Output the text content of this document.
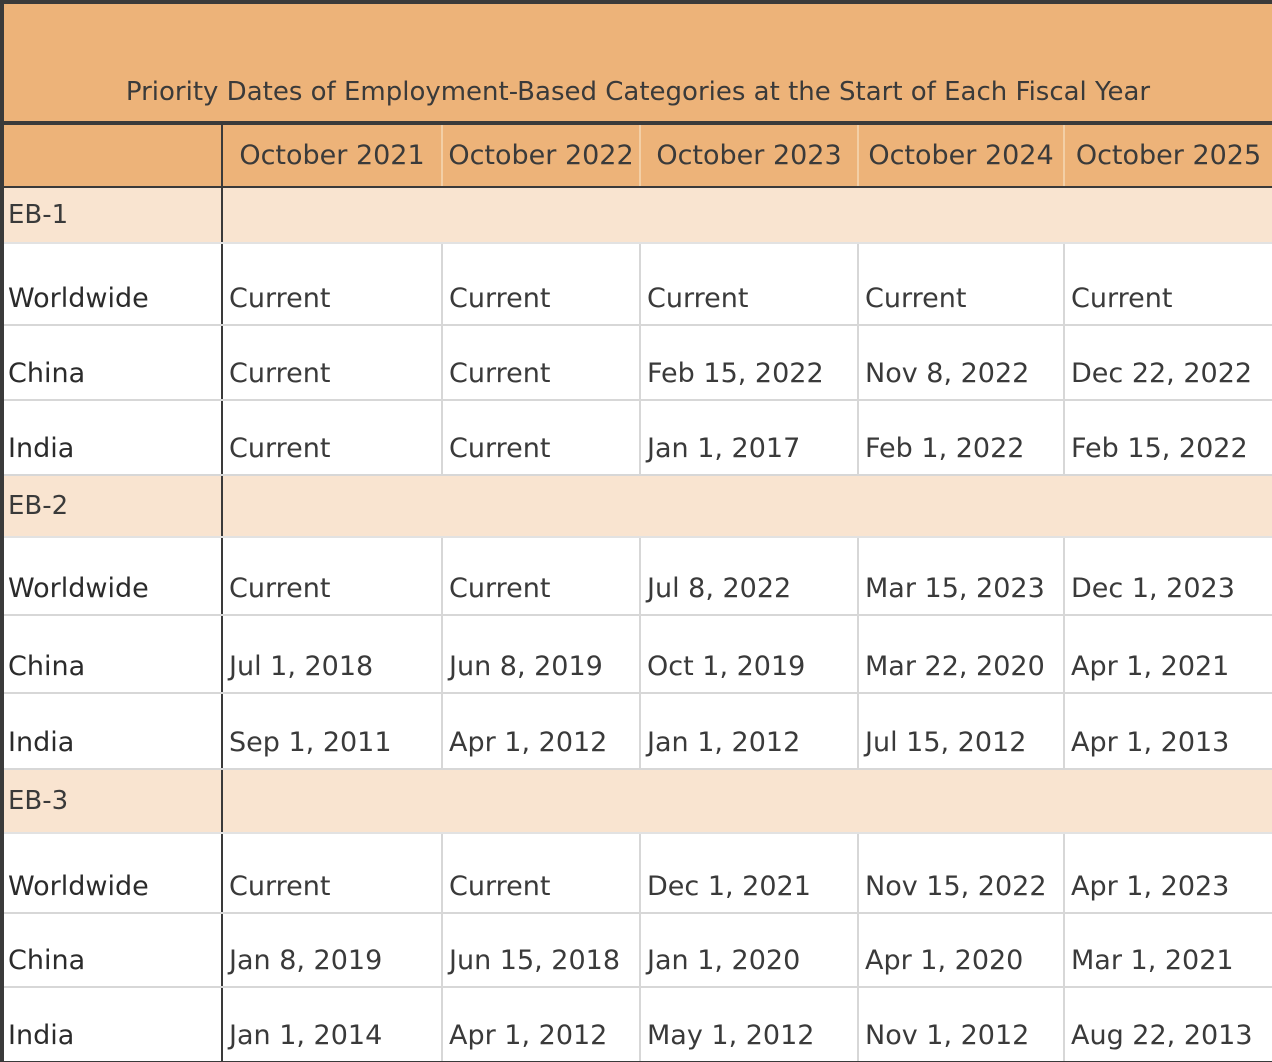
Priority Dates of Employment-Based Categories at the Start of Each Fiscal Year
	October 2021	October 2022	October 2023	October 2024	October 2025
EB-1					
Worldwide	Current	Current	Current	Current	Current
China	Current	Current	Feb 15, 2022	Nov 8, 2022	Dec 22, 2022
India	Current	Current	Jan 1, 2017	Feb 1, 2022	Feb 15, 2022
EB-2					
Worldwide	Current	Current	Jul 8, 2022	Mar 15, 2023	Dec 1, 2023
China	Jul 1, 2018	Jun 8, 2019	Oct 1, 2019	Mar 22, 2020	Apr 1, 2021
India	Sep 1, 2011	Apr 1, 2012	Jan 1, 2012	Jul 15, 2012	Apr 1, 2013
EB-3					
Worldwide	Current	Current	Dec 1, 2021	Nov 15, 2022	Apr 1, 2023
China	Jan 8, 2019	Jun 15, 2018	Jan 1, 2020	Apr 1, 2020	Mar 1, 2021
India	Jan 1, 2014	Apr 1, 2012	May 1, 2012	Nov 1, 2012	Aug 22, 2013
